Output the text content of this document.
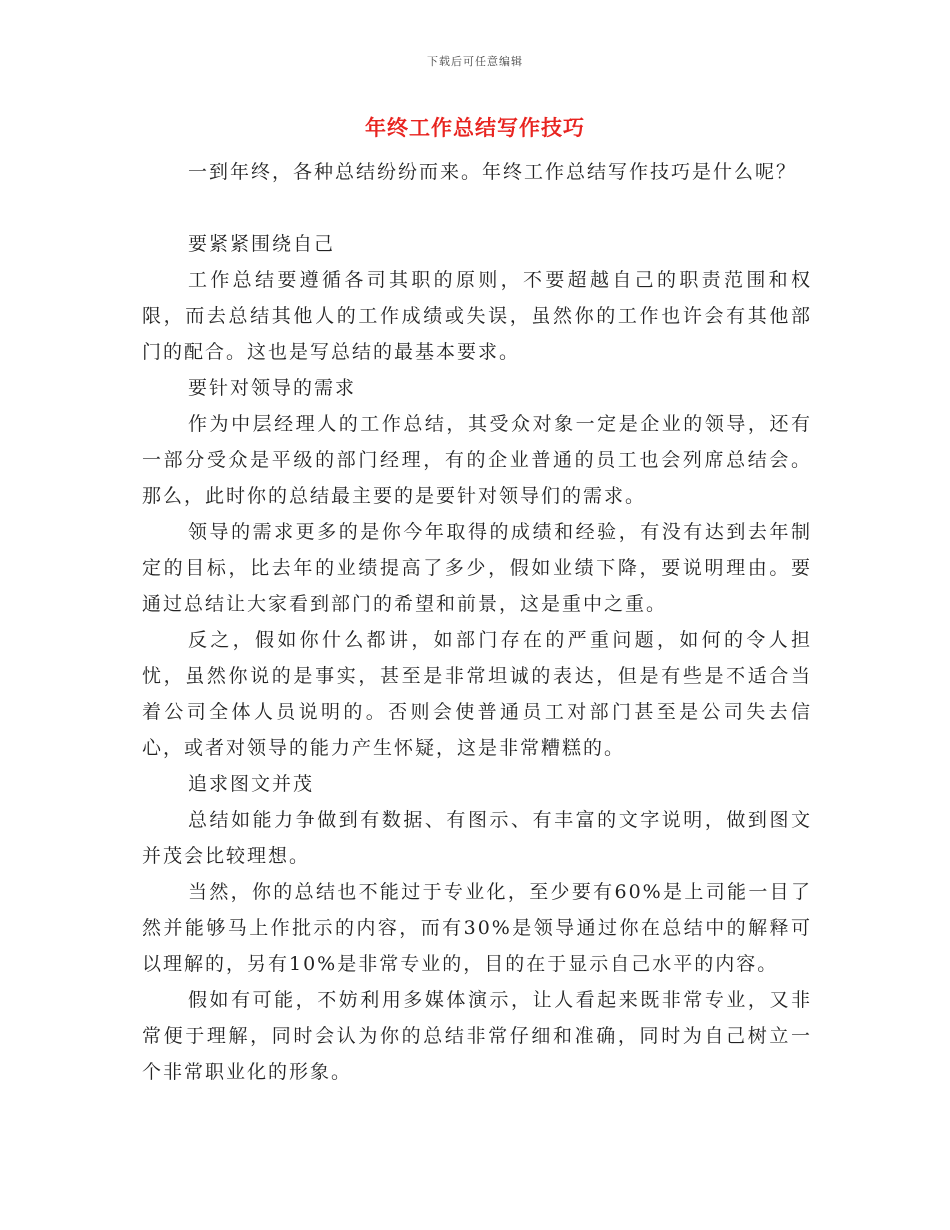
下载后可任意编辑
年终工作总结写作技巧

一到年终，各种总结纷纷而来。年终工作总结写作技巧是什么呢？

要紧紧围绕自己

工作总结要遵循各司其职的原则，不要超越自己的职责范围和权限，而去总结其他人的工作成绩或失误，虽然你的工作也许会有其他部门的配合。这也是写总结的最基本要求。

要针对领导的需求

作为中层经理人的工作总结，其受众对象一定是企业的领导，还有一部分受众是平级的部门经理，有的企业普通的员工也会列席总结会。那么，此时你的总结最主要的是要针对领导们的需求。

领导的需求更多的是你今年取得的成绩和经验，有没有达到去年制定的目标，比去年的业绩提高了多少，假如业绩下降，要说明理由。要通过总结让大家看到部门的希望和前景，这是重中之重。

反之，假如你什么都讲，如部门存在的严重问题，如何的令人担忧，虽然你说的是事实，甚至是非常坦诚的表达，但是有些是不适合当着公司全体人员说明的。否则会使普通员工对部门甚至是公司失去信心，或者对领导的能力产生怀疑，这是非常糟糕的。

追求图文并茂

总结如能力争做到有数据、有图示、有丰富的文字说明，做到图文并茂会比较理想。

当然，你的总结也不能过于专业化，至少要有60%是上司能一目了然并能够马上作批示的内容，而有30%是领导通过你在总结中的解释可以理解的，另有10%是非常专业的，目的在于显示自己水平的内容。

假如有可能，不妨利用多媒体演示，让人看起来既非常专业，又非常便于理解，同时会认为你的总结非常仔细和准确，同时为自己树立一个非常职业化的形象。
